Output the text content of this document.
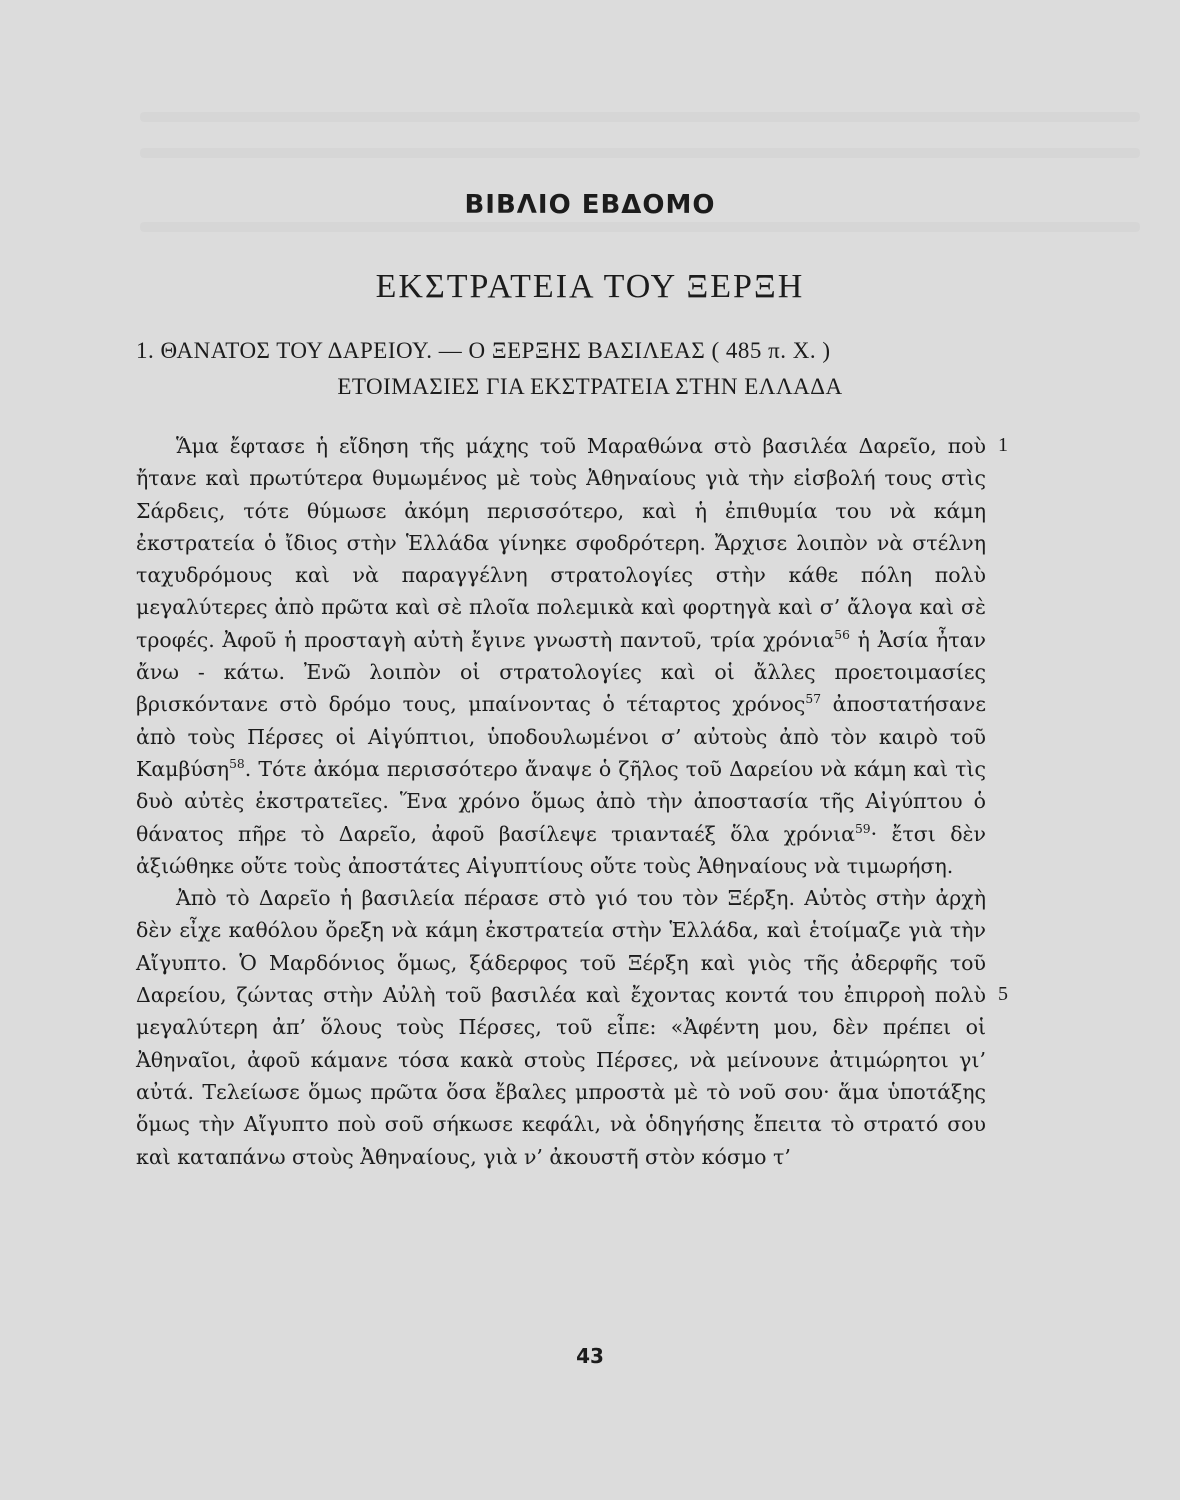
ΒΙΒΛΙΟ ΕΒΔΟΜΟ
ΕΚΣΤΡΑΤΕΙΑ ΤΟΥ ΞΕΡΞΗ
1. ΘΑΝΑΤΟΣ ΤΟΥ ΔΑΡΕΙΟΥ. — Ο ΞΕΡΞΗΣ ΒΑΣΙΛΕΑΣ ( 485 π. Χ. )
ΕΤΟΙΜΑΣΙΕΣ ΓΙΑ ΕΚΣΤΡΑΤΕΙΑ ΣΤΗΝ ΕΛΛΑΔΑ

Ἅμα ἔφτασε ἡ εἴδηση τῆς μάχης τοῦ Μαραθώνα στὸ βασιλέα Δαρεῖο, ποὺ ἤτανε καὶ πρωτύτερα θυμωμένος μὲ τοὺς Ἀθηναίους γιὰ τὴν εἰσβολή τους στὶς Σάρδεις, τότε θύμωσε ἀκόμη περισσότερο, καὶ ἡ ἐπιθυμία του νὰ κάμη ἐκστρατεία ὁ ἴδιος στὴν Ἑλλάδα γίνηκε σφοδρότερη. Ἄρχισε λοιπὸν νὰ στέλνη ταχυδρόμους καὶ νὰ παραγγέλνη στρατολογίες στὴν κάθε πόλη πολὺ μεγαλύτερες ἀπὸ πρῶτα καὶ σὲ πλοῖα πολεμικὰ καὶ φορτηγὰ καὶ σ’ ἄλογα καὶ σὲ τροφές. Ἀφοῦ ἡ προσταγὴ αὐτὴ ἔγινε γνωστὴ παντοῦ, τρία χρόνια$^{56}$ ἡ Ἀσία ἦταν ἄνω - κάτω. Ἐνῶ λοιπὸν οἱ στρατολογίες καὶ οἱ ἄλλες προετοιμασίες βρισκόντανε στὸ δρόμο τους, μπαίνοντας ὁ τέταρτος χρόνος$^{57}$ ἀποστατήσανε ἀπὸ τοὺς Πέρσες οἱ Αἰγύπτιοι, ὑποδουλωμένοι σ’ αὐτοὺς ἀπὸ τὸν καιρὸ τοῦ Καμβύση$^{58}$. Τότε ἀκόμα περισσότερο ἄναψε ὁ ζῆλος τοῦ Δαρείου νὰ κάμη καὶ τὶς δυὸ αὐτὲς ἐκστρατεῖες. Ἕνα χρόνο ὅμως ἀπὸ τὴν ἀποστασία τῆς Αἰγύπτου ὁ θάνατος πῆρε τὸ Δαρεῖο, ἀφοῦ βασίλεψε τριανταέξ ὅλα χρόνια$^{59}$· ἔτσι δὲν ἀξιώθηκε οὔτε τοὺς ἀποστάτες Αἰγυπτίους οὔτε τοὺς Ἀθηναίους νὰ τιμωρήση.

Ἀπὸ τὸ Δαρεῖο ἡ βασιλεία πέρασε στὸ γιό του τὸν Ξέρξη. Αὐτὸς στὴν ἀρχὴ δὲν εἶχε καθόλου ὄρεξη νὰ κάμη ἐκστρατεία στὴν Ἑλλάδα, καὶ ἑτοίμαζε γιὰ τὴν Αἴγυπτο. Ὁ Μαρδόνιος ὅμως, ξάδερφος τοῦ Ξέρξη καὶ γιὸς τῆς ἀδερφῆς τοῦ Δαρείου, ζώντας στὴν Αὐλὴ τοῦ βασιλέα καὶ ἔχοντας κοντά του ἐπιρροὴ πολὺ μεγαλύτερη ἀπ’ ὅλους τοὺς Πέρσες, τοῦ εἶπε: «Ἀφέντη μου, δὲν πρέπει οἱ Ἀθηναῖοι, ἀφοῦ κάμανε τόσα κακὰ στοὺς Πέρσες, νὰ μείνουνε ἀτιμώρητοι γι’ αὐτά. Τελείωσε ὅμως πρῶτα ὅσα ἔβαλες μπροστὰ μὲ τὸ νοῦ σου· ἅμα ὑποτάξης ὅμως τὴν Αἴγυπτο ποὺ σοῦ σήκωσε κεφάλι, νὰ ὁδηγήσης ἔπειτα τὸ στρατό σου καὶ καταπάνω στοὺς Ἀθηναίους, γιὰ ν’ ἀκουστῆ στὸν κόσμο τ’

1
5
43
